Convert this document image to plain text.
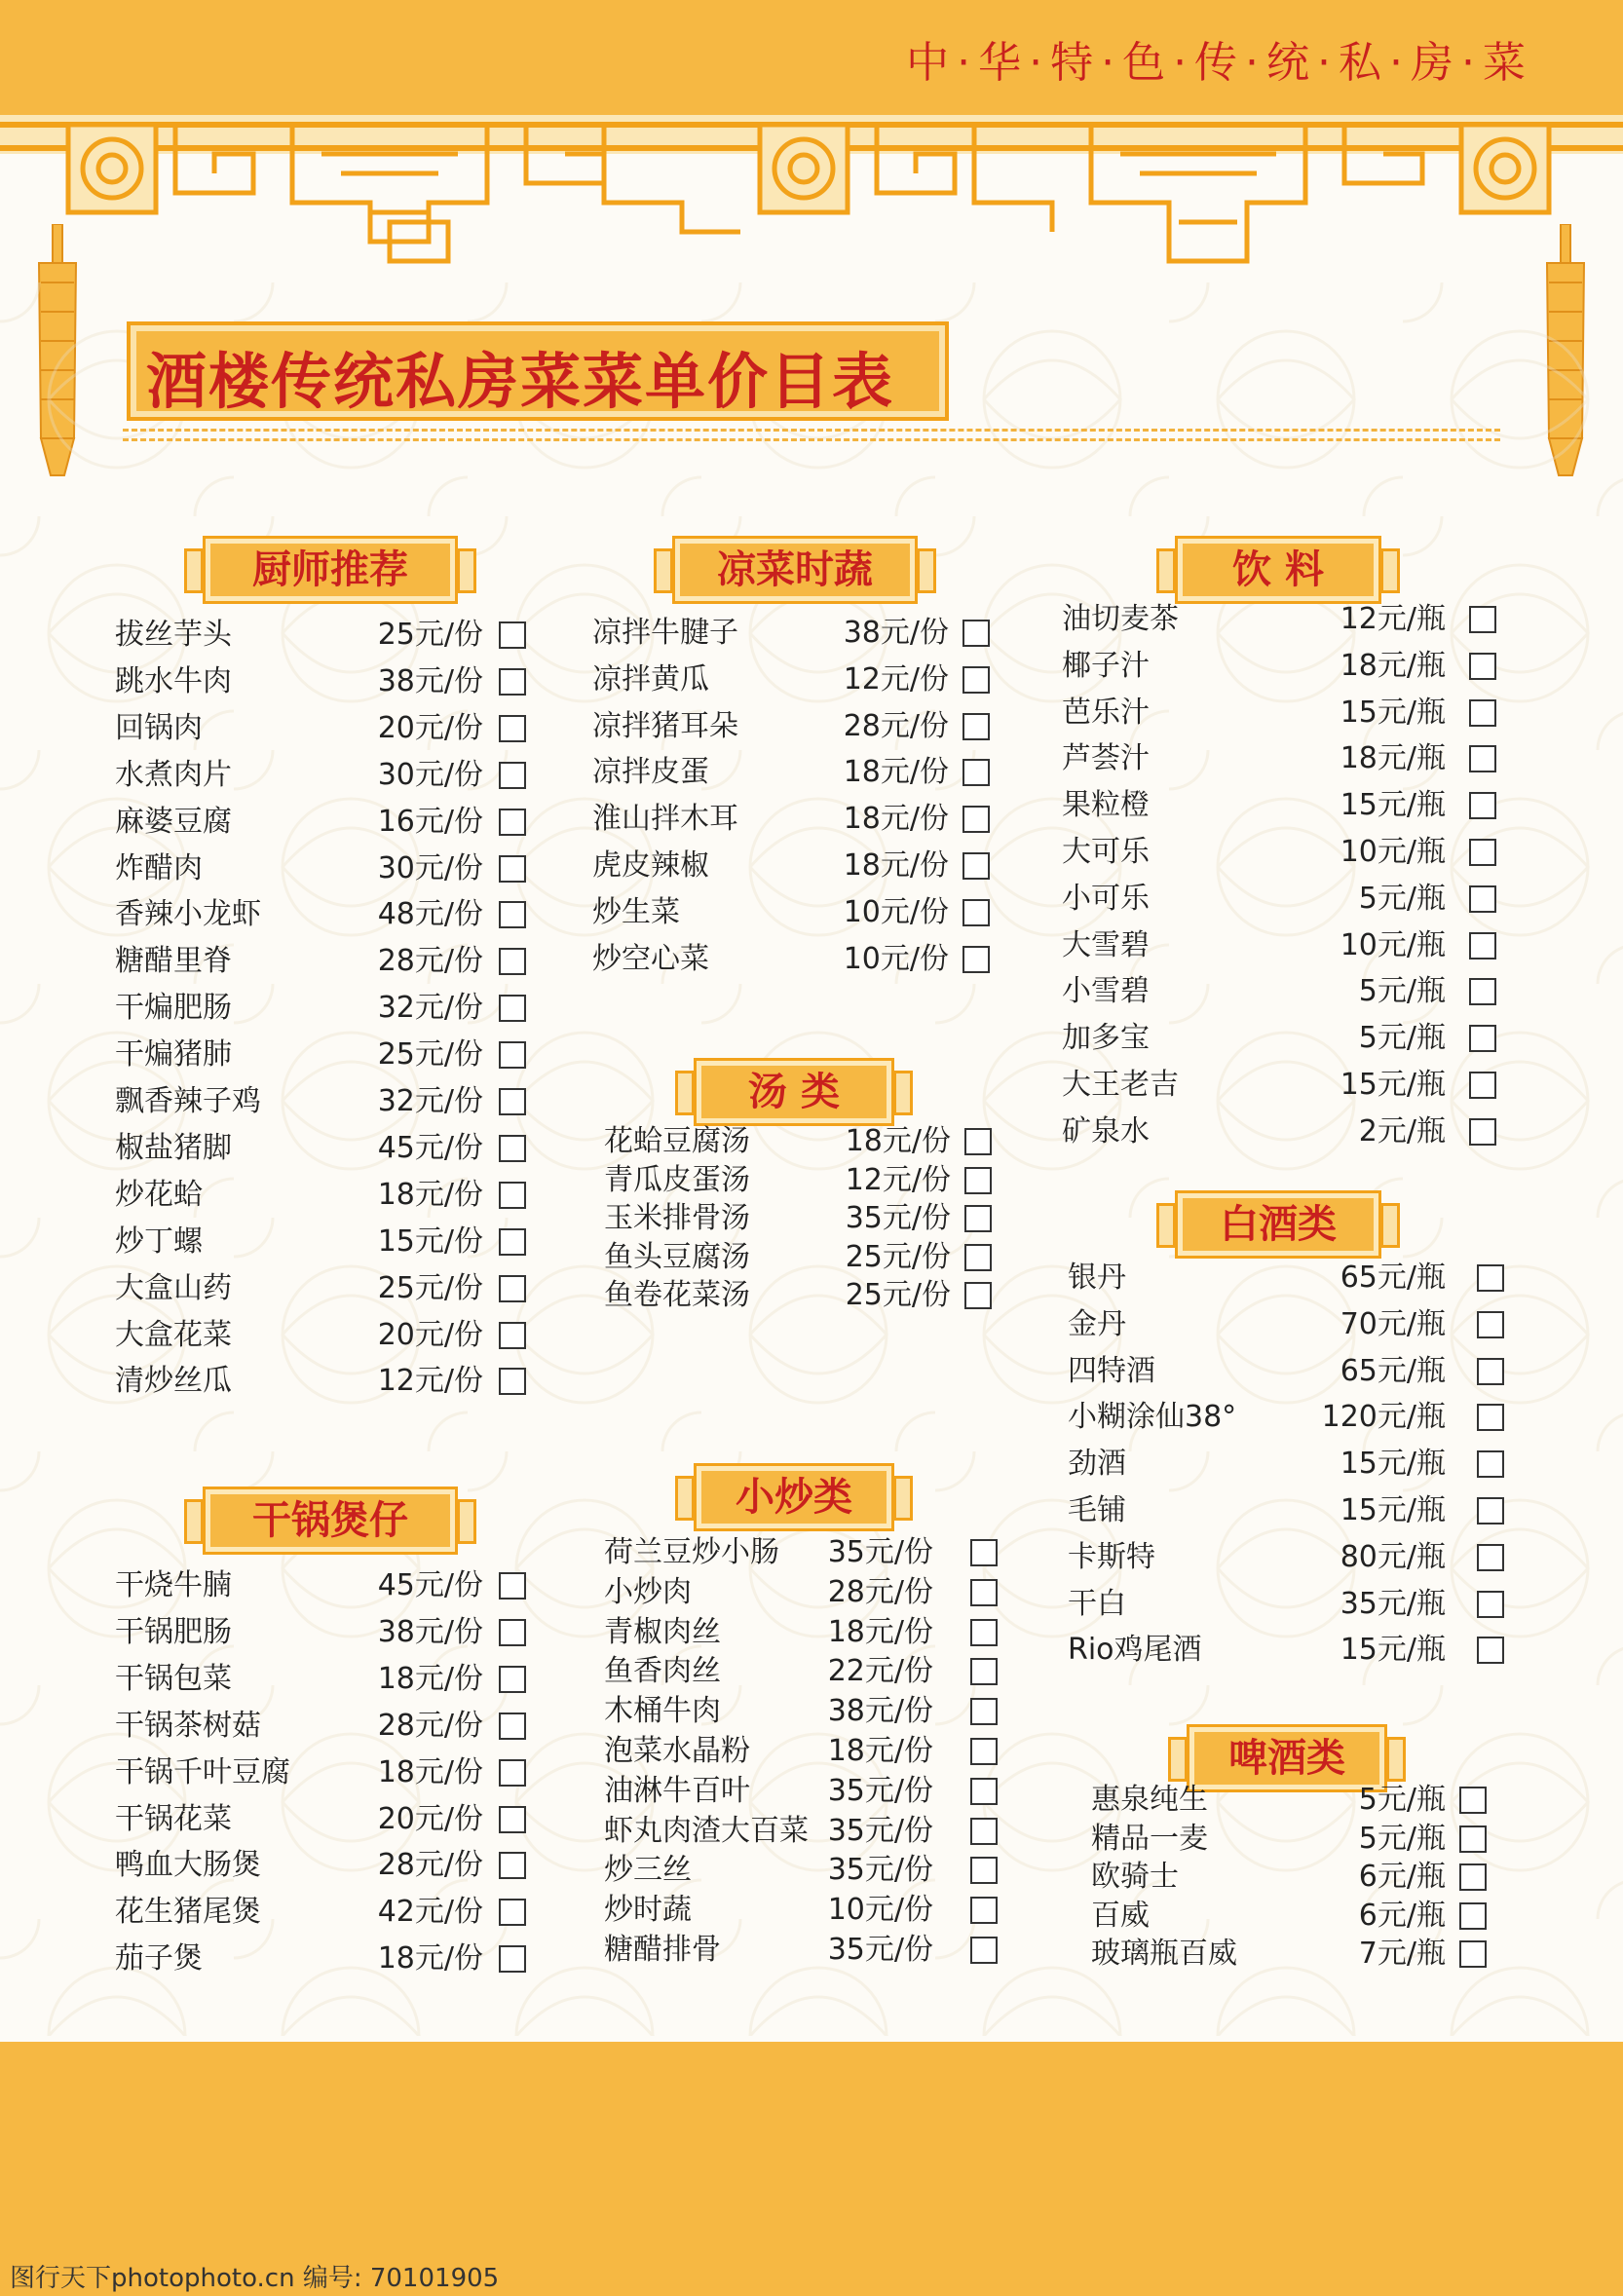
中·华·特·色·传·统·私·房·菜
酒楼传统私房菜菜单价目表
厨师推荐
拔丝芋头	25元/份
跳水牛肉	38元/份
回锅肉	20元/份
水煮肉片	30元/份
麻婆豆腐	16元/份
炸醋肉	30元/份
香辣小龙虾	48元/份
糖醋里脊	28元/份
干煸肥肠	32元/份
干煸猪肺	25元/份
飘香辣子鸡	32元/份
椒盐猪脚	45元/份
炒花蛤	18元/份
炒丁螺	15元/份
大盒山药	25元/份
大盒花菜	20元/份
清炒丝瓜	12元/份
干锅煲仔
干烧牛腩	45元/份
干锅肥肠	38元/份
干锅包菜	18元/份
干锅茶树菇	28元/份
干锅千叶豆腐	18元/份
干锅花菜	20元/份
鸭血大肠煲	28元/份
花生猪尾煲	42元/份
茄子煲	18元/份
凉菜时蔬
凉拌牛腱子	38元/份
凉拌黄瓜	12元/份
凉拌猪耳朵	28元/份
凉拌皮蛋	18元/份
淮山拌木耳	18元/份
虎皮辣椒	18元/份
炒生菜	10元/份
炒空心菜	10元/份
汤 类
花蛤豆腐汤	18元/份
青瓜皮蛋汤	12元/份
玉米排骨汤	35元/份
鱼头豆腐汤	25元/份
鱼卷花菜汤	25元/份
小炒类
荷兰豆炒小肠 35元/份
小炒肉	28元/份
青椒肉丝	18元/份
鱼香肉丝	22元/份
木桶牛肉	38元/份
泡菜水晶粉	18元/份
油淋牛百叶	35元/份
虾丸肉渣大百菜 35元/份
炒三丝	35元/份
炒时蔬	10元/份
糖醋排骨	35元/份
饮 料
油切麦茶	12元/瓶
椰子汁	18元/瓶
芭乐汁	15元/瓶
芦荟汁	18元/瓶
果粒橙	15元/瓶
大可乐	10元/瓶
小可乐	5元/瓶
大雪碧	10元/瓶
小雪碧	5元/瓶
加多宝	5元/瓶
大王老吉	15元/瓶
矿泉水	2元/瓶
白酒类
银丹	65元/瓶
金丹	70元/瓶
四特酒	65元/瓶
小糊涂仙38°	120元/瓶
劲酒	15元/瓶
毛铺	15元/瓶
卡斯特	80元/瓶
干白	35元/瓶
Rio鸡尾酒	15元/瓶
啤酒类
惠泉纯生	5元/瓶
精品一麦	5元/瓶
欧骑士	6元/瓶
百威	6元/瓶
玻璃瓶百威	7元/瓶
图行天下photophoto.cn 编号: 70101905
